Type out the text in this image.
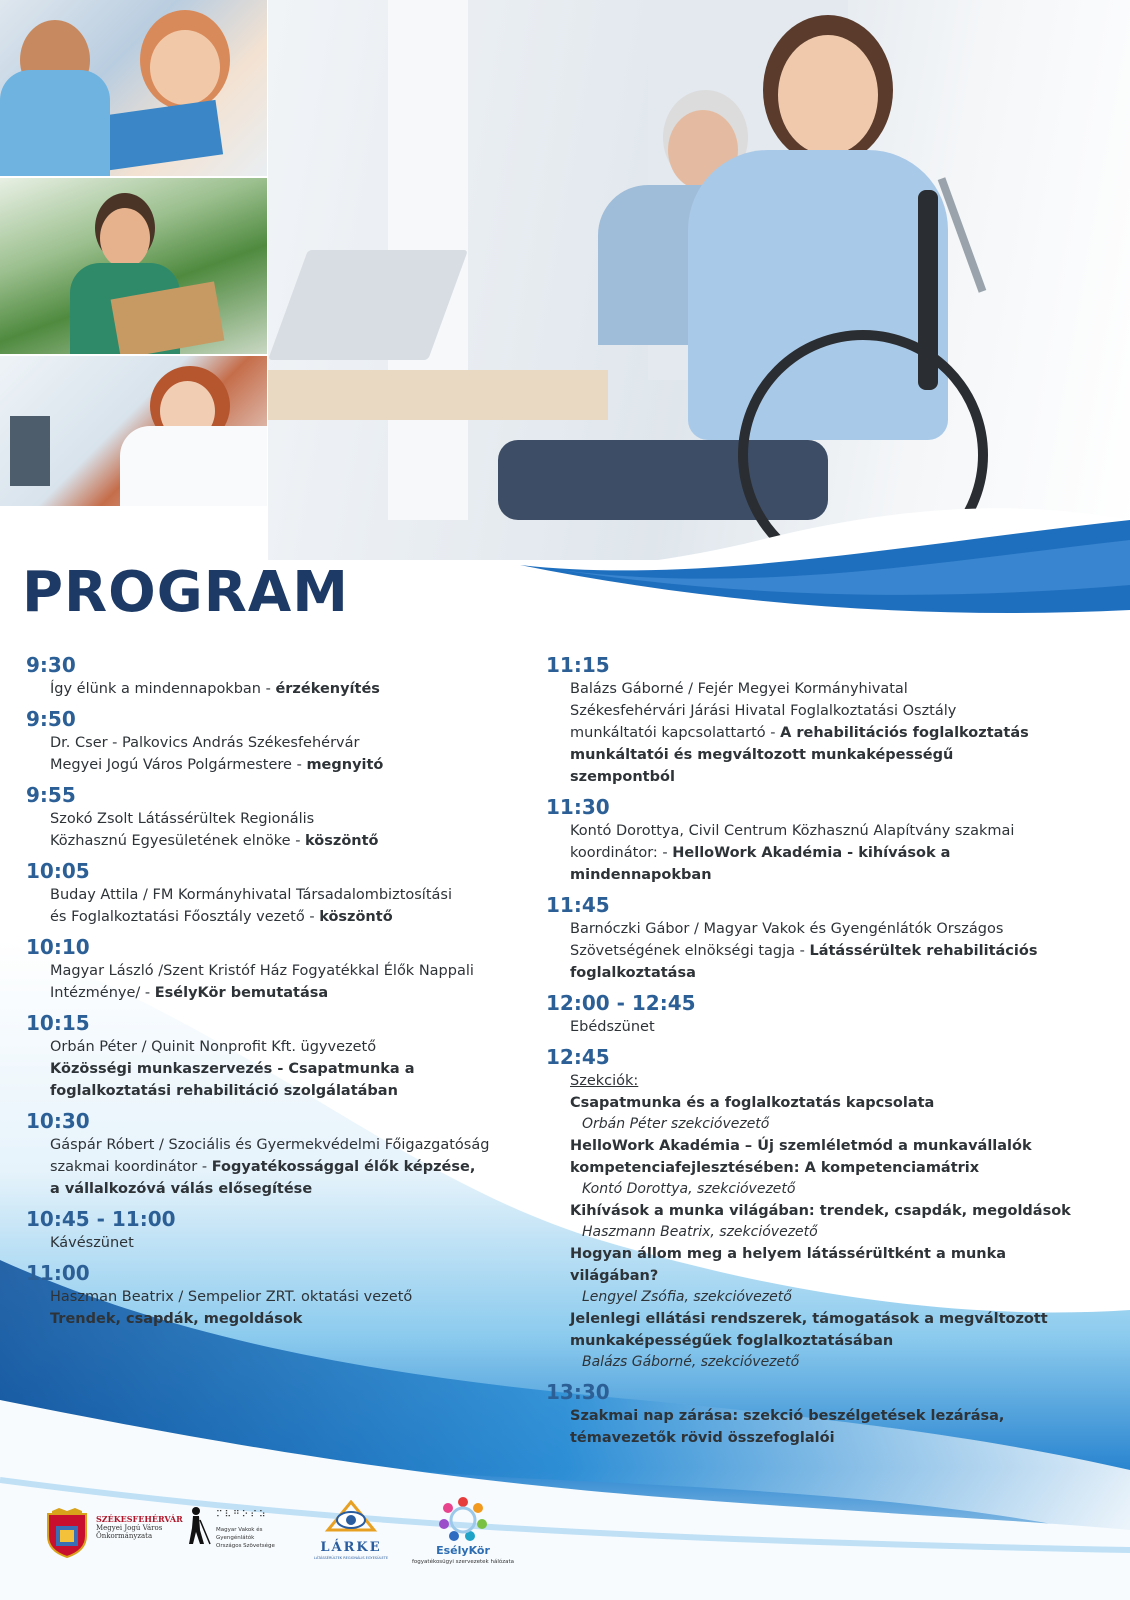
PROGRAM
9:30
Így élünk a mindennapokban - érzékenyítés
9:50
Dr. Cser - Palkovics András Székesfehérvár
Megyei Jogú Város Polgármestere - megnyitó
9:55
Szokó Zsolt Látássérültek Regionális
Közhasznú Egyesületének elnöke - köszöntő
10:05
Buday Attila / FM Kormányhivatal Társadalombiztosítási
és Foglalkoztatási Főosztály vezető - köszöntő
10:10
Magyar László /Szent Kristóf Ház Fogyatékkal Élők Nappali
Intézménye/ - EsélyKör bemutatása
10:15
Orbán Péter / Quinit Nonprofit Kft. ügyvezető
Közösségi munkaszervezés - Csapatmunka a
foglalkoztatási rehabilitáció szolgálatában
10:30
Gáspár Róbert / Szociális és Gyermekvédelmi Főigazgatóság
szakmai koordinátor - Fogyatékossággal élők képzése,
a vállalkozóvá válás elősegítése
10:45 - 11:00
Kávészünet
11:00
Haszman Beatrix / Sempelior ZRT. oktatási vezető
Trendek, csapdák, megoldások
11:15
Balázs Gáborné / Fejér Megyei Kormányhivatal
Székesfehérvári Járási Hivatal Foglalkoztatási Osztály
munkáltatói kapcsolattartó - A rehabilitációs foglalkoztatás
munkáltatói és megváltozott munkaképességű
szempontból
11:30
Kontó Dorottya, Civil Centrum Közhasznú Alapítvány szakmai
koordinátor: - HelloWork Akadémia - kihívások a
mindennapokban
11:45
Barnóczki Gábor / Magyar Vakok és Gyengénlátók Országos
Szövetségének elnökségi tagja - Látássérültek rehabilitációs
foglalkoztatása
12:00 - 12:45
Ebédszünet
12:45
Szekciók:
Csapatmunka és a foglalkoztatás kapcsolata
Orbán Péter szekcióvezető
HelloWork Akadémia – Új szemléletmód a munkavállalók
kompetenciafejlesztésében: A kompetenciamátrix
Kontó Dorottya, szekcióvezető
Kihívások a munka világában: trendek, csapdák, megoldások
Haszmann Beatrix, szekcióvezető
Hogyan állom meg a helyem látássérültként a munka
világában?
Lengyel Zsófia, szekcióvezető
Jelenlegi ellátási rendszerek, támogatások a megváltozott
munkaképességűek foglalkoztatásában
Balázs Gáborné, szekcióvezető
13:30
Szakmai nap zárása: szekció beszélgetések lezárása,
témavezetők rövid összefoglalói
SZÉKESFEHÉRVÁR
Megyei Jogú Város
Önkormányzata
⠍⠧⠛⠕⠎⠵
Magyar Vakok és Gyengénlátók
Országos Szövetsége	LÁRKE
LÁTÁSSÉRÜLTEK REGIONÁLIS EGYESÜLETE
EsélyKör
fogyatékosügyi szervezetek hálózata
